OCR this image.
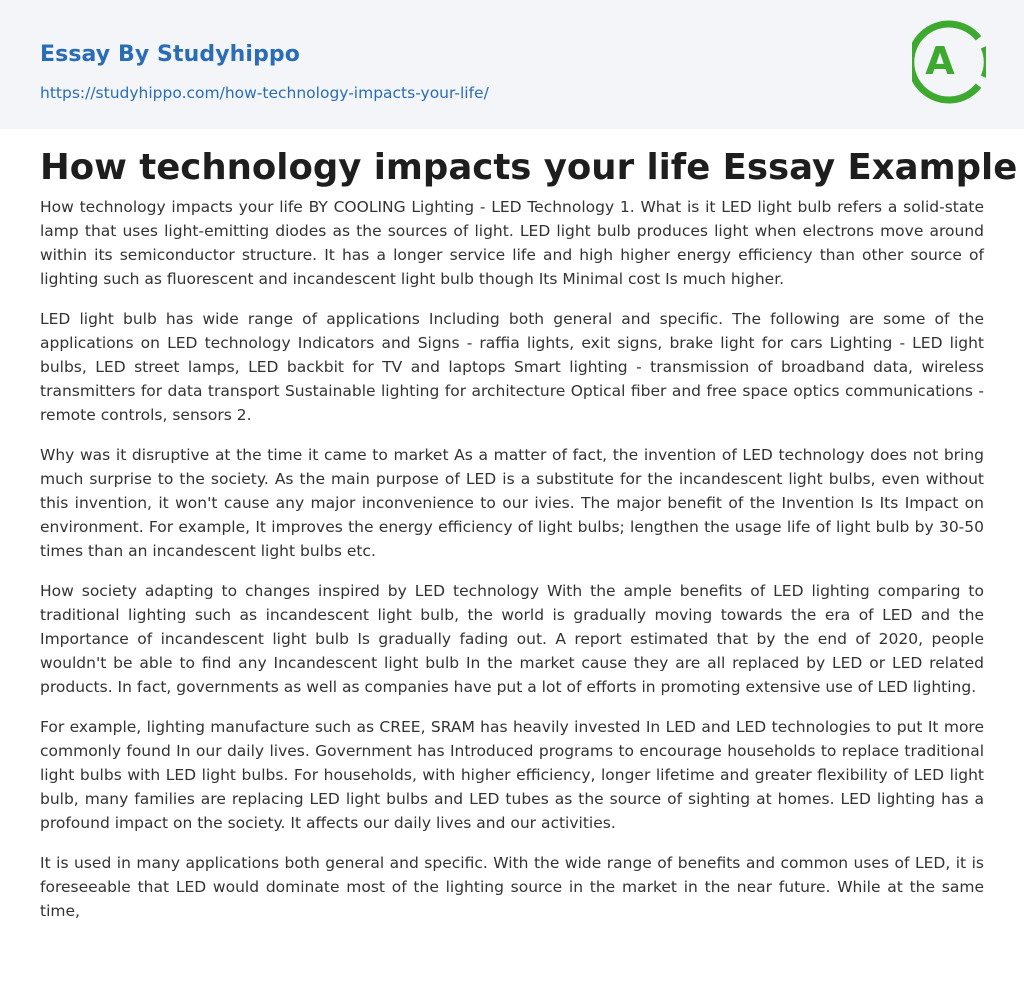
Essay By Studyhippo
https://studyhippo.com/how-technology-impacts-your-life/
A
How technology impacts your life Essay Example

How technology impacts your life BY COOLING Lighting - LED Technology 1. What is it LED light bulb refers a solid-state lamp that uses light-emitting diodes as the sources of light. LED light bulb produces light when electrons move around within its semiconductor structure. It has a longer service life and high higher energy efficiency than other source of lighting such as fluorescent and incandescent light bulb though Its Minimal cost Is much higher.

LED light bulb has wide range of applications Including both general and specific. The following are some of the applications on LED technology Indicators and Signs - raffia lights, exit signs, brake light for cars Lighting - LED light bulbs, LED street lamps, LED backbit for TV and laptops Smart lighting - transmission of broadband data, wireless transmitters for data transport Sustainable lighting for architecture Optical fiber and free space optics communications - remote controls, sensors 2.

Why was it disruptive at the time it came to market As a matter of fact, the invention of LED technology does not bring much surprise to the society. As the main purpose of LED is a substitute for the incandescent light bulbs, even without this invention, it won't cause any major inconvenience to our ivies. The major benefit of the Invention Is Its Impact on environment. For example, It improves the energy efficiency of light bulbs; lengthen the usage life of light bulb by 30-50 times than an incandescent light bulbs etc.

How society adapting to changes inspired by LED technology With the ample benefits of LED lighting comparing to traditional lighting such as incandescent light bulb, the world is gradually moving towards the era of LED and the Importance of incandescent light bulb Is gradually fading out. A report estimated that by the end of 2020, people wouldn't be able to find any Incandescent light bulb In the market cause they are all replaced by LED or LED related products. In fact, governments as well as companies have put a lot of efforts in promoting extensive use of LED lighting.

For example, lighting manufacture such as CREE, SRAM has heavily invested In LED and LED technologies to put It more commonly found In our daily lives. Government has Introduced programs to encourage households to replace traditional light bulbs with LED light bulbs. For households, with higher efficiency, longer lifetime and greater flexibility of LED light bulb, many families are replacing LED light bulbs and LED tubes as the source of sighting at homes. LED lighting has a profound impact on the society. It affects our daily lives and our activities.

It is used in many applications both general and specific. With the wide range of benefits and common uses of LED, it is foreseeable that LED would dominate most of the lighting source in the market in the near future. While at the same time,
